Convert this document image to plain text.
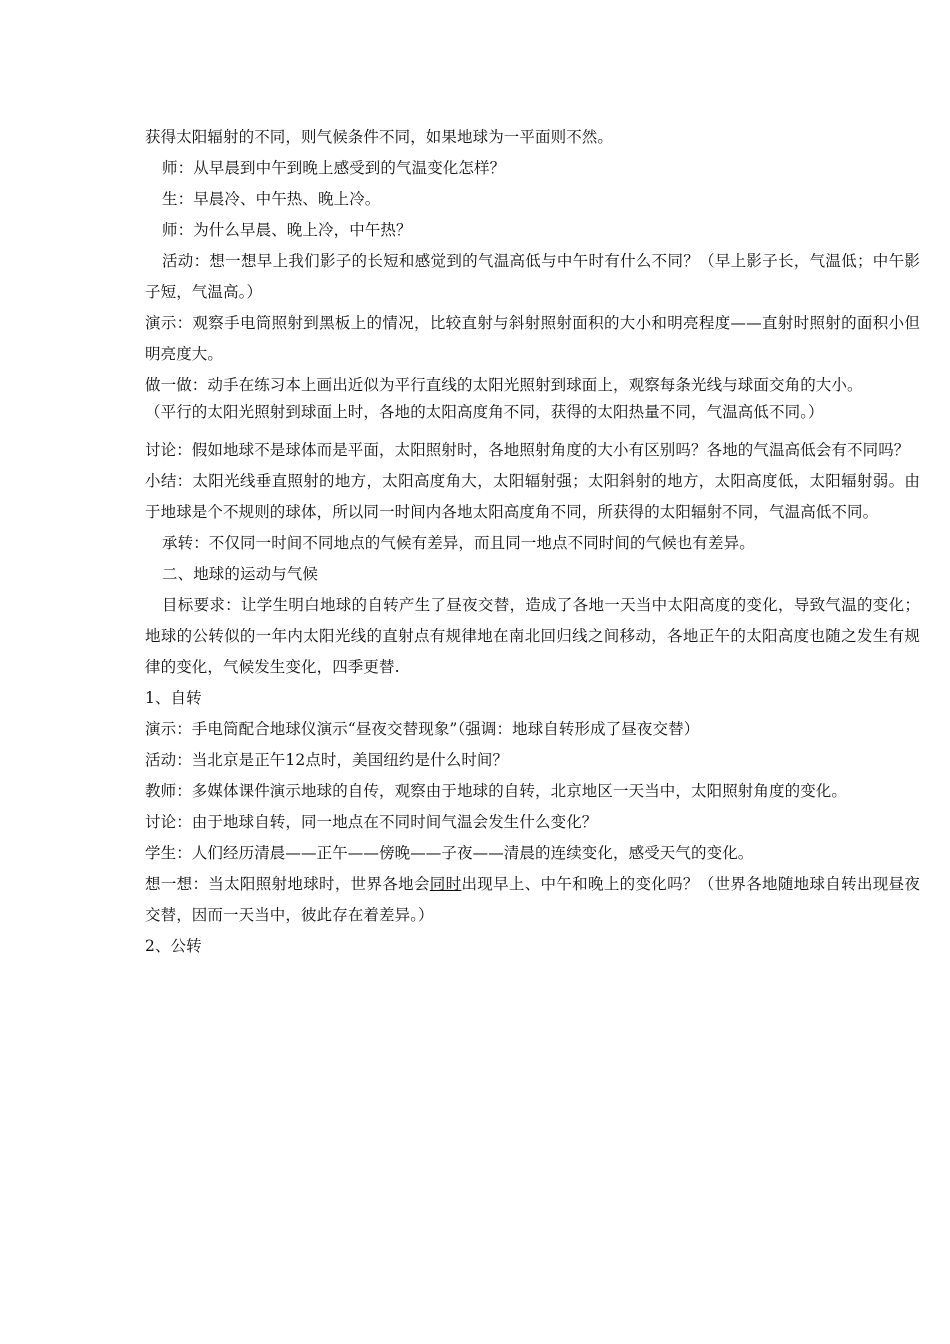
获得太阳辐射的不同，则气候条件不同，如果地球为一平面则不然。

师：从早晨到中午到晚上感受到的气温变化怎样？

生：早晨冷、中午热、晚上冷。

师：为什么早晨、晚上冷，中午热？

活动：想一想早上我们影子的长短和感觉到的气温高低与中午时有什么不同？（早上影子长，气温低；中午影子短，气温高。）

演示：观察手电筒照射到黑板上的情况，比较直射与斜射照射面积的大小和明亮程度——直射时照射的面积小但明亮度大。

做一做：动手在练习本上画出近似为平行直线的太阳光照射到球面上，观察每条光线与球面交角的大小。

（平行的太阳光照射到球面上时，各地的太阳高度角不同，获得的太阳热量不同，气温高低不同。）

讨论：假如地球不是球体而是平面，太阳照射时，各地照射角度的大小有区别吗？各地的气温高低会有不同吗？

小结：太阳光线垂直照射的地方，太阳高度角大，太阳辐射强；太阳斜射的地方，太阳高度低，太阳辐射弱。由于地球是个不规则的球体，所以同一时间内各地太阳高度角不同，所获得的太阳辐射不同，气温高低不同。

承转：不仅同一时间不同地点的气候有差异，而且同一地点不同时间的气候也有差异。

二、地球的运动与气候

目标要求：让学生明白地球的自转产生了昼夜交替，造成了各地一天当中太阳高度的变化，导致气温的变化；地球的公转似的一年内太阳光线的直射点有规律地在南北回归线之间移动，各地正午的太阳高度也随之发生有规律的变化，气候发生变化，四季更替.

1、自转

演示：手电筒配合地球仪演示“昼夜交替现象”（强调：地球自转形成了昼夜交替）

活动：当北京是正午12点时，美国纽约是什么时间？

教师：多媒体课件演示地球的自传，观察由于地球的自转，北京地区一天当中，太阳照射角度的变化。

讨论：由于地球自转，同一地点在不同时间气温会发生什么变化？

学生：人们经历清晨——正午——傍晚——子夜——清晨的连续变化，感受天气的变化。

想一想：当太阳照射地球时，世界各地会同时出现早上、中午和晚上的变化吗？（世界各地随地球自转出现昼夜交替，因而一天当中，彼此存在着差异。）

2、公转
